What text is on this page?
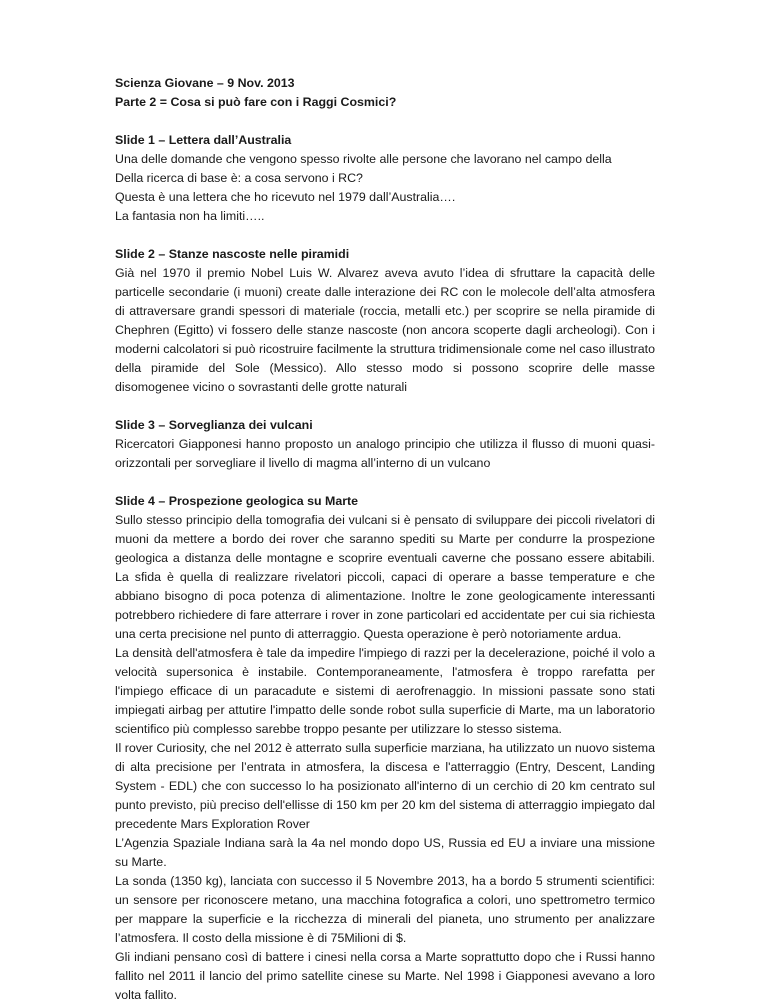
Scienza Giovane – 9 Nov. 2013

Parte 2 = Cosa si può fare con i Raggi Cosmici?

Slide 1 – Lettera dall’Australia

Una delle domande che vengono spesso rivolte alle persone che lavorano nel campo della

Della ricerca di base è: a cosa servono i RC?

Questa è una lettera che ho ricevuto nel 1979 dall’Australia….

La fantasia non ha limiti…..

Slide 2 – Stanze nascoste nelle piramidi

Già nel 1970 il premio Nobel Luis W. Alvarez aveva avuto l’idea di sfruttare la capacità delle particelle secondarie (i muoni) create dalle interazione dei RC con le molecole dell’alta atmosfera di attraversare grandi spessori di materiale (roccia, metalli etc.) per scoprire se nella piramide di Chephren (Egitto) vi fossero delle stanze nascoste (non ancora scoperte dagli archeologi). Con i moderni calcolatori si può ricostruire facilmente la struttura tridimensionale come nel caso illustrato della piramide del Sole (Messico). Allo stesso modo si possono scoprire delle masse disomogenee vicino o sovrastanti delle grotte naturali

Slide 3 – Sorveglianza dei vulcani

Ricercatori Giapponesi hanno proposto un analogo principio che utilizza il flusso di muoni quasi-orizzontali per sorvegliare il livello di magma all’interno di un vulcano

Slide 4 – Prospezione geologica su Marte

Sullo stesso principio della tomografia dei vulcani si è pensato di sviluppare dei piccoli rivelatori di muoni da mettere a bordo dei rover che saranno spediti su Marte per condurre la prospezione geologica a distanza delle montagne e scoprire eventuali caverne che possano essere abitabili. La sfida è quella di realizzare rivelatori piccoli, capaci di operare a basse temperature e che abbiano bisogno di poca potenza di alimentazione. Inoltre le zone geologicamente interessanti potrebbero richiedere di fare atterrare i rover in zone particolari ed accidentate per cui sia richiesta una certa precisione nel punto di atterraggio. Questa operazione è però notoriamente ardua.

La densità dell'atmosfera è tale da impedire l'impiego di razzi per la decelerazione, poiché il volo a velocità supersonica è instabile. Contemporaneamente, l'atmosfera è troppo rarefatta per l'impiego efficace di un paracadute e sistemi di aerofrenaggio. In missioni passate sono stati impiegati airbag per attutire l'impatto delle sonde robot sulla superficie di Marte, ma un laboratorio scientifico più complesso sarebbe troppo pesante per utilizzare lo stesso sistema.

Il rover Curiosity, che nel 2012 è atterrato sulla superficie marziana, ha utilizzato un nuovo sistema di alta precisione per l’entrata in atmosfera, la discesa e l'atterraggio (Entry, Descent, Landing System - EDL) che con successo lo ha posizionato all'interno di un cerchio di 20 km centrato sul punto previsto, più preciso dell'ellisse di 150 km per 20 km del sistema di atterraggio impiegato dal precedente Mars Exploration Rover

L’Agenzia Spaziale Indiana sarà la 4a nel mondo dopo US, Russia ed EU a inviare una missione su Marte.

La sonda (1350 kg), lanciata con successo il 5 Novembre 2013, ha a bordo 5 strumenti scientifici: un sensore per riconoscere metano, una macchina fotografica a colori, uno spettrometro termico per mappare la superficie e la ricchezza di minerali del pianeta, uno strumento per analizzare l’atmosfera. Il costo della missione è di 75Milioni di $.

Gli indiani pensano così di battere i cinesi nella corsa a Marte soprattutto dopo che i Russi hanno fallito nel 2011 il lancio del primo satellite cinese su Marte. Nel 1998 i Giapponesi avevano a loro volta fallito.
